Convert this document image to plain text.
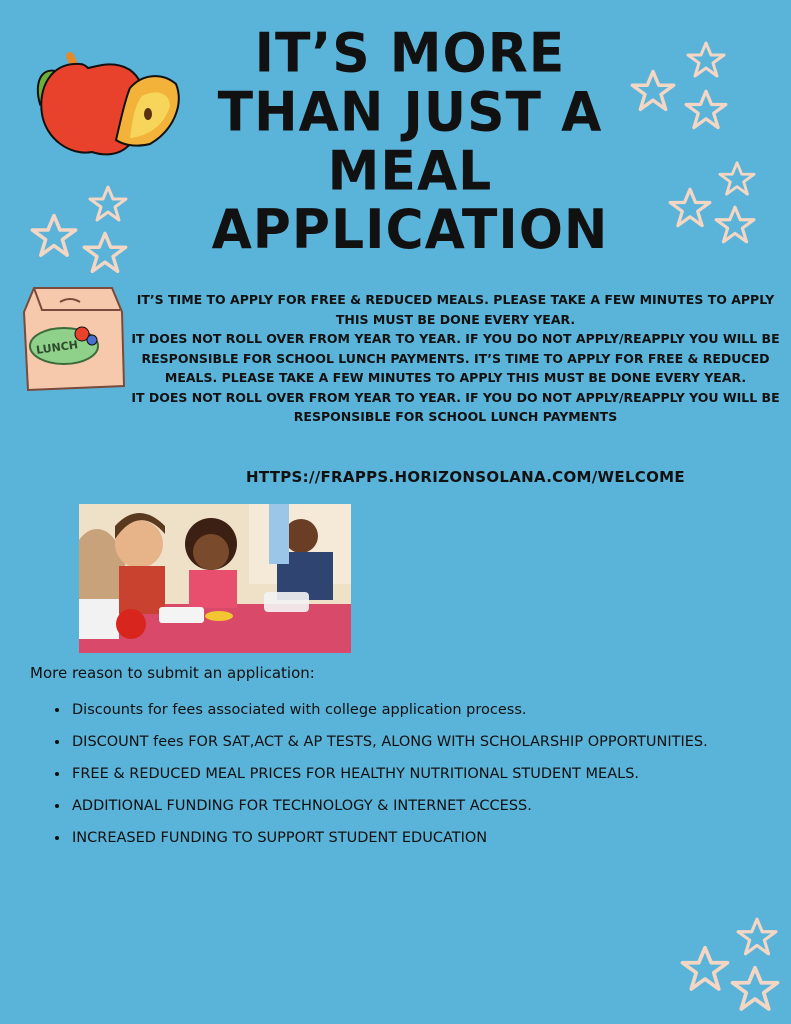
IT’S MORE
THAN JUST A
MEAL
APPLICATION
LUNCH
IT’S TIME TO APPLY FOR FREE & REDUCED MEALS. PLEASE TAKE A FEW MINUTES TO APPLY THIS MUST BE DONE EVERY YEAR.
IT DOES NOT ROLL OVER FROM YEAR TO YEAR. IF YOU DO NOT APPLY/REAPPLY YOU WILL BE RESPONSIBLE FOR SCHOOL LUNCH PAYMENTS. IT’S TIME TO APPLY FOR FREE & REDUCED MEALS. PLEASE TAKE A FEW MINUTES TO APPLY THIS MUST BE DONE EVERY YEAR.
IT DOES NOT ROLL OVER FROM YEAR TO YEAR. IF YOU DO NOT APPLY/REAPPLY YOU WILL BE RESPONSIBLE FOR SCHOOL LUNCH PAYMENTS
HTTPS://FRAPPS.HORIZONSOLANA.COM/WELCOME
More reason to submit an application:
• Discounts for fees associated with college application process.
• DISCOUNT fees FOR SAT,ACT & AP TESTS, ALONG WITH SCHOLARSHIP OPPORTUNITIES.
• FREE & REDUCED MEAL PRICES FOR HEALTHY NUTRITIONAL STUDENT MEALS.
• ADDITIONAL FUNDING FOR TECHNOLOGY & INTERNET ACCESS.
• INCREASED FUNDING TO SUPPORT STUDENT EDUCATION
